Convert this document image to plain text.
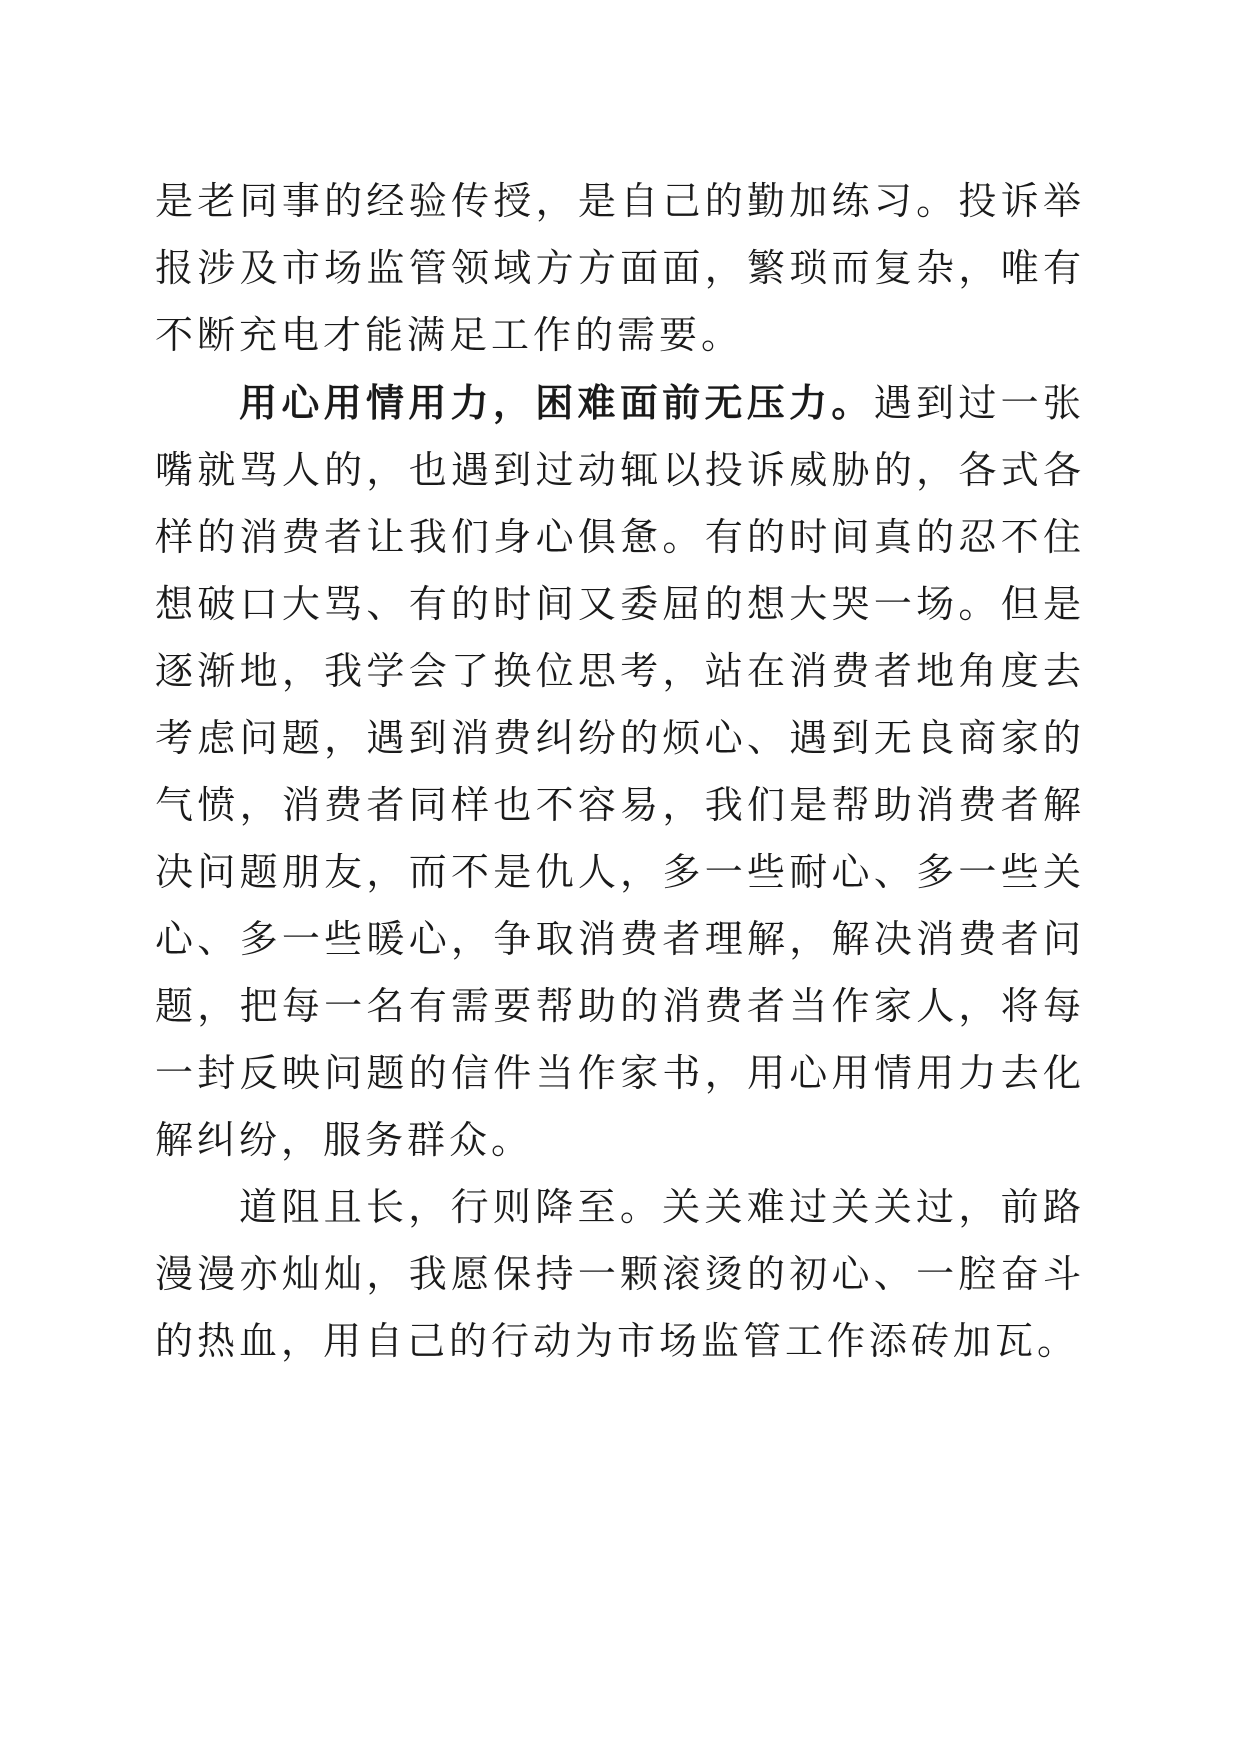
是老同事的经验传授，是自己的勤加练习。投诉举报涉及市场监管领域方方面面，繁琐而复杂，唯有不断充电才能满足工作的需要。

用心用情用力，困难面前无压力。遇到过一张嘴就骂人的，也遇到过动辄以投诉威胁的，各式各样的消费者让我们身心俱惫。有的时间真的忍不住想破口大骂、有的时间又委屈的想大哭一场。但是逐渐地，我学会了换位思考，站在消费者地角度去考虑问题，遇到消费纠纷的烦心、遇到无良商家的气愤，消费者同样也不容易，我们是帮助消费者解决问题朋友，而不是仇人，多一些耐心、多一些关心、多一些暖心，争取消费者理解，解决消费者问题，把每一名有需要帮助的消费者当作家人，将每一封反映问题的信件当作家书，用心用情用力去化解纠纷，服务群众。

道阻且长，行则降至。关关难过关关过，前路漫漫亦灿灿，我愿保持一颗滚烫的初心、一腔奋斗的热血，用自己的行动为市场监管工作添砖加瓦。
